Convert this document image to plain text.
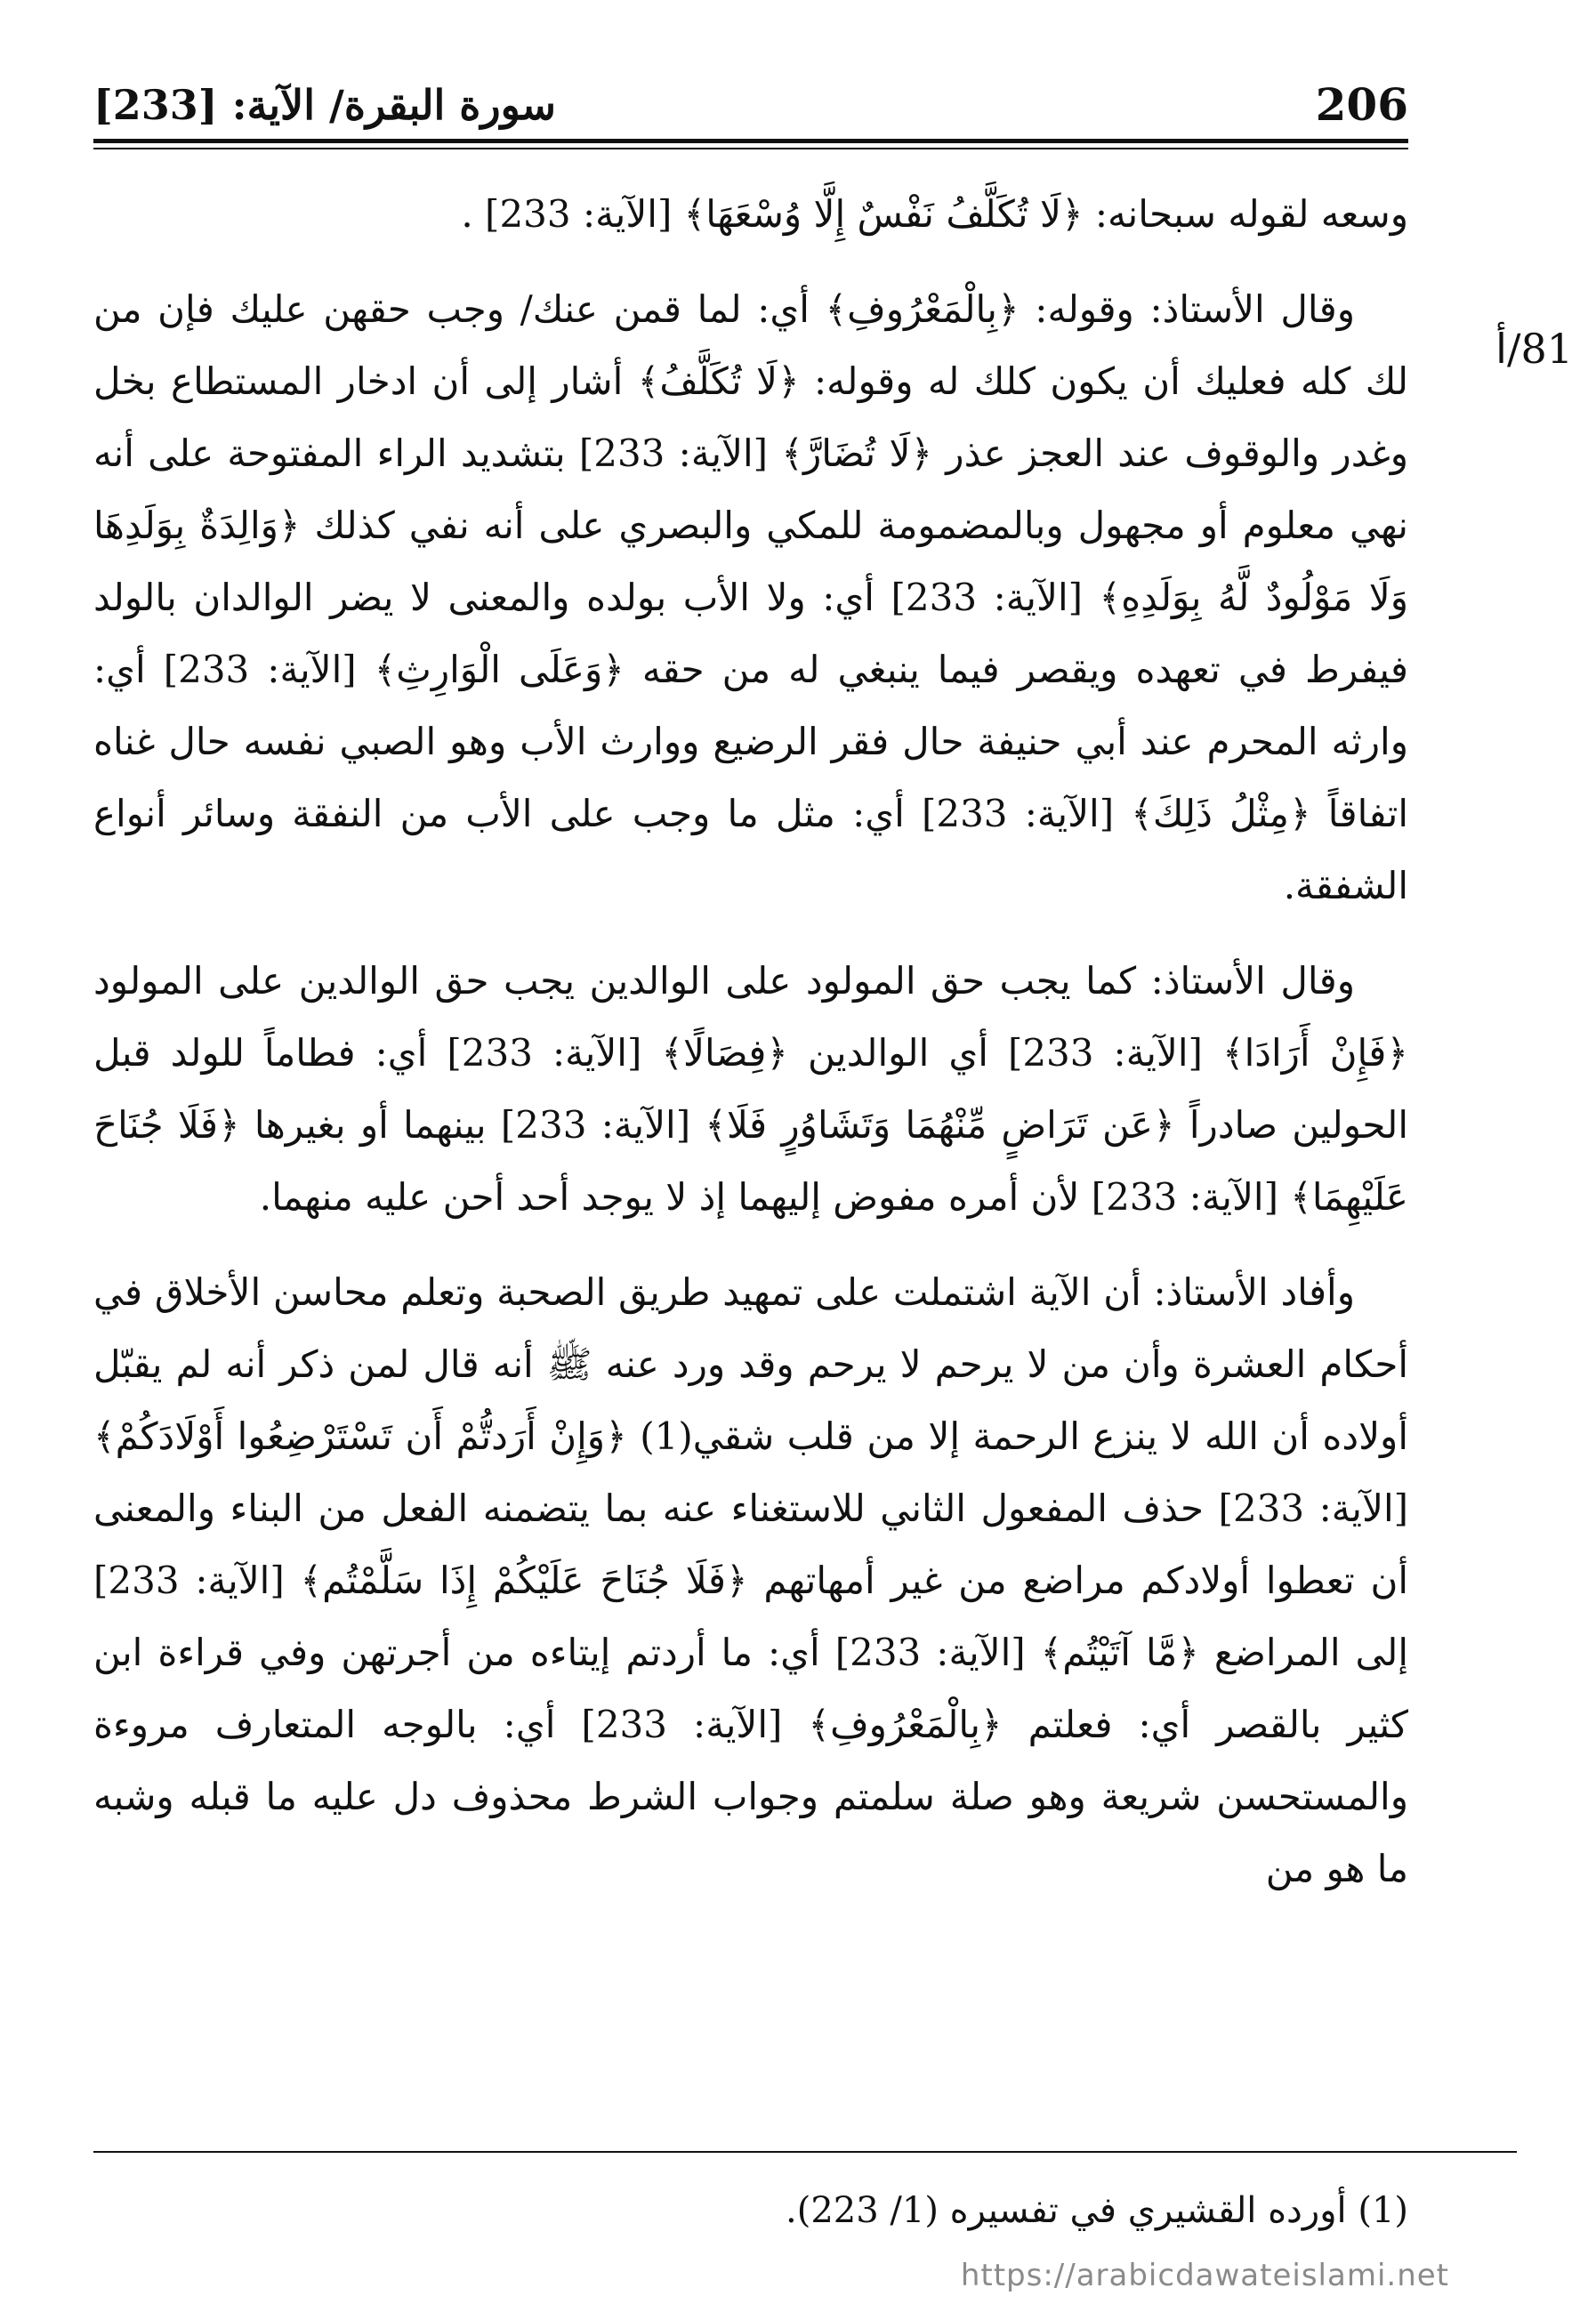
سورة البقرة/ الآية: [233]	206
81/أ

وسعه لقوله سبحانه: ﴿لَا تُكَلَّفُ نَفْسٌ إِلَّا وُسْعَهَا﴾ [الآية: 233] .

وقال الأستاذ: وقوله: ﴿بِالْمَعْرُوفِ﴾ أي: لما قمن عنك/ وجب حقهن عليك فإن من لك كله فعليك أن يكون كلك له وقوله: ﴿لَا تُكَلَّفُ﴾ أشار إلى أن ادخار المستطاع بخل وغدر والوقوف عند العجز عذر ﴿لَا تُضَارَّ﴾ [الآية: 233] بتشديد الراء المفتوحة على أنه نهي معلوم أو مجهول وبالمضمومة للمكي والبصري على أنه نفي كذلك ﴿وَالِدَةٌ بِوَلَدِهَا وَلَا مَوْلُودٌ لَّهُ بِوَلَدِهِ﴾ [الآية: 233] أي: ولا الأب بولده والمعنى لا يضر الوالدان بالولد فيفرط في تعهده ويقصر فيما ينبغي له من حقه ﴿وَعَلَى الْوَارِثِ﴾ [الآية: 233] أي: وارثه المحرم عند أبي حنيفة حال فقر الرضيع ووارث الأب وهو الصبي نفسه حال غناه اتفاقاً ﴿مِثْلُ ذَلِكَ﴾ [الآية: 233] أي: مثل ما وجب على الأب من النفقة وسائر أنواع الشفقة.

وقال الأستاذ: كما يجب حق المولود على الوالدين يجب حق الوالدين على المولود ﴿فَإِنْ أَرَادَا﴾ [الآية: 233] أي الوالدين ﴿فِصَالًا﴾ [الآية: 233] أي: فطاماً للولد قبل الحولين صادراً ﴿عَن تَرَاضٍ مِّنْهُمَا وَتَشَاوُرٍ فَلَا﴾ [الآية: 233] بينهما أو بغيرها ﴿فَلَا جُنَاحَ عَلَيْهِمَا﴾ [الآية: 233] لأن أمره مفوض إليهما إذ لا يوجد أحد أحن عليه منهما.

وأفاد الأستاذ: أن الآية اشتملت على تمهيد طريق الصحبة وتعلم محاسن الأخلاق في أحكام العشرة وأن من لا يرحم لا يرحم وقد ورد عنه ﷺ أنه قال لمن ذكر أنه لم يقبّل أولاده أن الله لا ينزع الرحمة إلا من قلب شقي(1) ﴿وَإِنْ أَرَدتُّمْ أَن تَسْتَرْضِعُوا أَوْلَادَكُمْ﴾ [الآية: 233] حذف المفعول الثاني للاستغناء عنه بما يتضمنه الفعل من البناء والمعنى أن تعطوا أولادكم مراضع من غير أمهاتهم ﴿فَلَا جُنَاحَ عَلَيْكُمْ إِذَا سَلَّمْتُم﴾ [الآية: 233] إلى المراضع ﴿مَّا آتَيْتُم﴾ [الآية: 233] أي: ما أردتم إيتاءه من أجرتهن وفي قراءة ابن كثير بالقصر أي: فعلتم ﴿بِالْمَعْرُوفِ﴾ [الآية: 233] أي: بالوجه المتعارف مروءة والمستحسن شريعة وهو صلة سلمتم وجواب الشرط محذوف دل عليه ما قبله وشبه ما هو من

(1) أورده القشيري في تفسيره (1/ 223).
https://arabicdawateislami.net
